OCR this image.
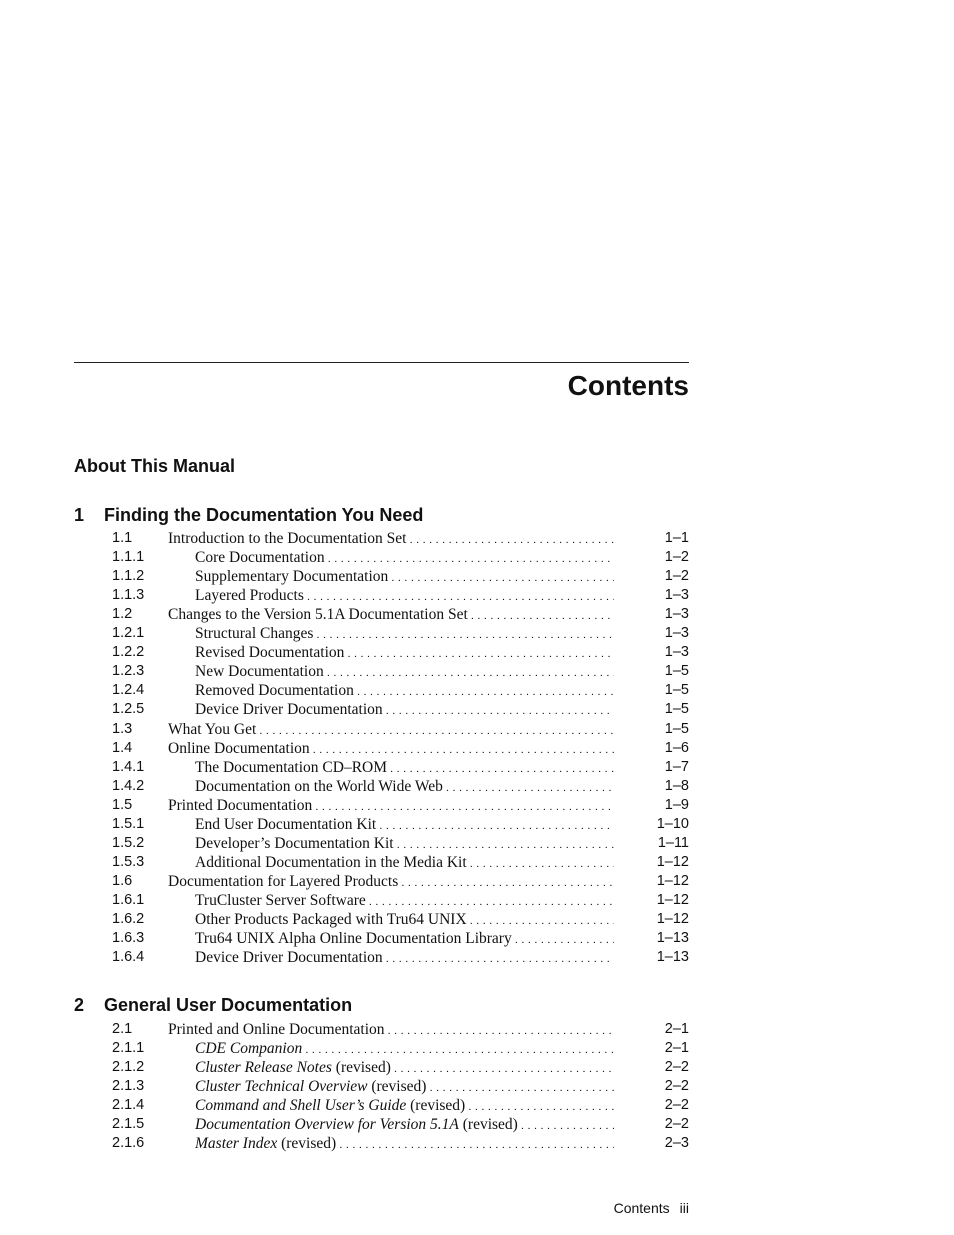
Contents
About This Manual
1 Finding the Documentation You Need
1.1 Introduction to the Documentation Set . . .	1–1
1.1.1	Core Documentation . . .	1–2
1.1.2	Supplementary Documentation . . .	1–2
1.1.3	Layered Products . . .	1–3
1.2 Changes to the Version 5.1A Documentation Set . . .	1–3
1.2.1	Structural Changes . . .	1–3
1.2.2	Revised Documentation . . .	1–3
1.2.3	New Documentation . . .	1–5
1.2.4	Removed Documentation . . .	1–5
1.2.5	Device Driver Documentation . . .	1–5
1.3 What You Get . . .	1–5
1.4 Online Documentation . . .	1–6
1.4.1	The Documentation CD–ROM . . .	1–7
1.4.2	Documentation on the World Wide Web . . .	1–8
1.5 Printed Documentation . . .	1–9
1.5.1	End User Documentation Kit . . .	1–10
1.5.2	Developer’s Documentation Kit . . .	1–11
1.5.3	Additional Documentation in the Media Kit . . .	1–12
1.6 Documentation for Layered Products . . .	1–12
1.6.1	TruCluster Server Software . . .	1–12
1.6.2	Other Products Packaged with Tru64 UNIX . . .	1–12
1.6.3	Tru64 UNIX Alpha Online Documentation Library . . .	1–13
1.6.4	Device Driver Documentation . . .	1–13
2 General User Documentation
2.1 Printed and Online Documentation . . .	2–1
2.1.1	CDE Companion . . .	2–1
2.1.2	Cluster Release Notes (revised) . . .	2–2
2.1.3	Cluster Technical Overview (revised) . . .	2–2
2.1.4	Command and Shell User’s Guide (revised) . . .	2–2
2.1.5	Documentation Overview for Version 5.1A (revised) . . .	2–2
2.1.6	Master Index (revised) . . .	2–3
Contents iii
